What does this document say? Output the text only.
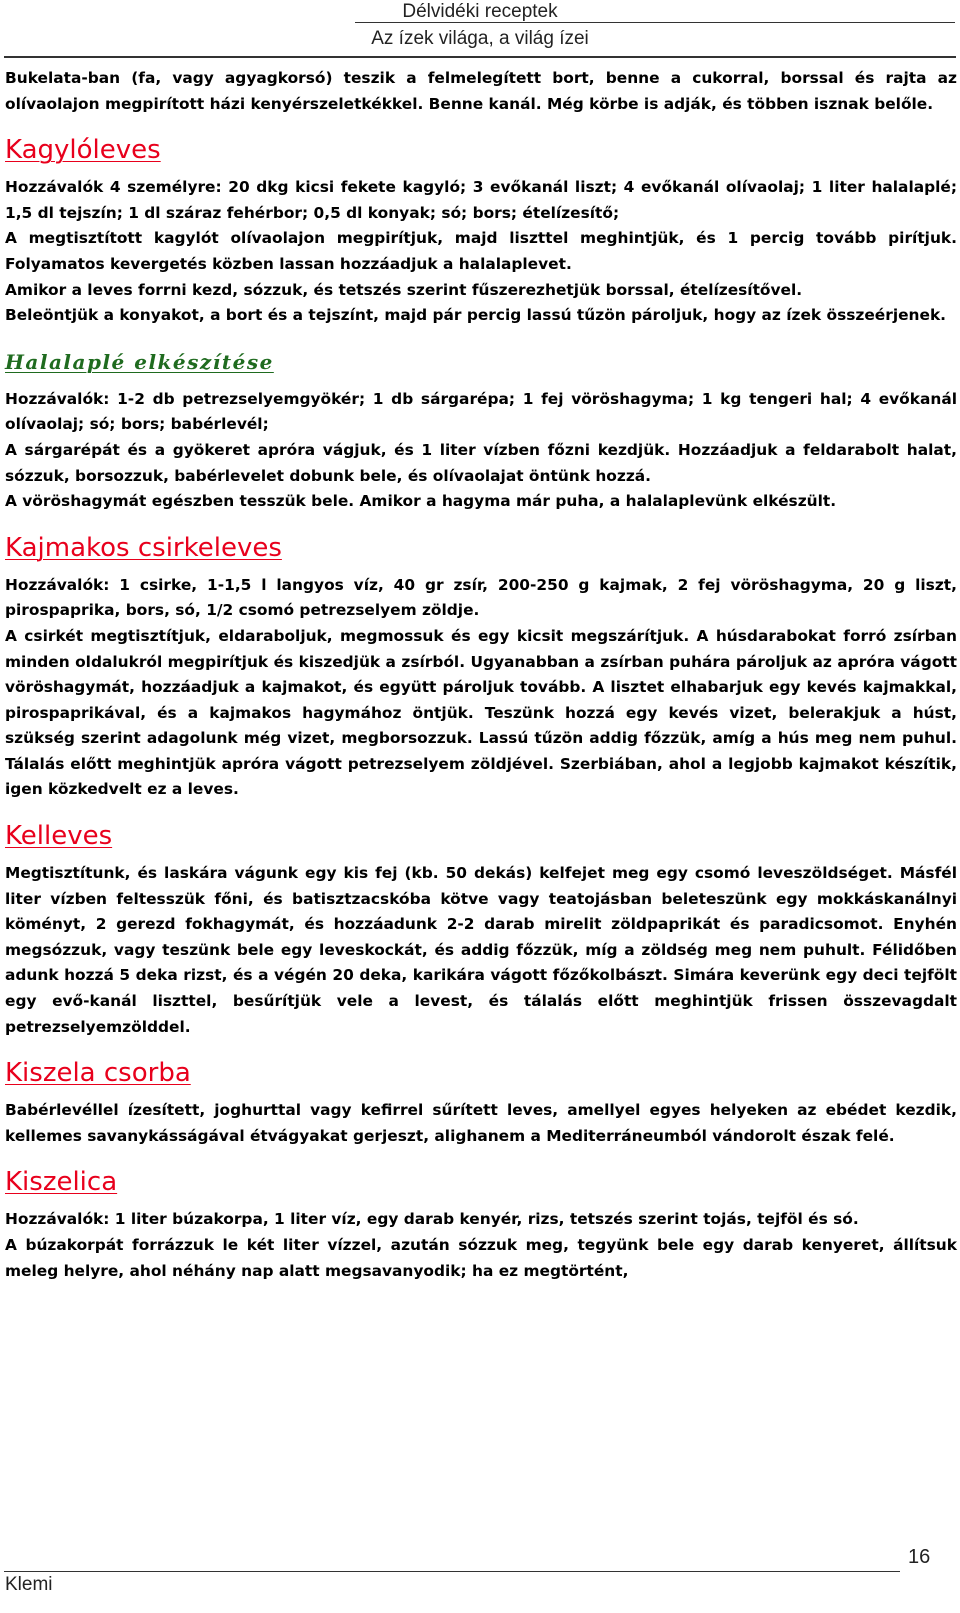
Délvidéki receptek
Az ízek világa, a világ ízei

Bukelata-ban (fa, vagy agyagkorsó) teszik a felmelegített bort, benne a cukorral, borssal és rajta az olívaolajon megpirított házi kenyérszeletkékkel. Benne kanál. Még körbe is adják, és többen isznak belőle.

Kagylóleves

Hozzávalók 4 személyre: 20 dkg kicsi fekete kagyló; 3 evőkanál liszt; 4 evőkanál olívaolaj; 1 liter halalaplé; 1,5 dl tejszín; 1 dl száraz fehérbor; 0,5 dl konyak; só; bors; ételízesítő;

A megtisztított kagylót olívaolajon megpirítjuk, majd liszttel meghintjük, és 1 percig tovább pirítjuk. Folyamatos kevergetés közben lassan hozzáadjuk a halalaplevet.

Amikor a leves forrni kezd, sózzuk, és tetszés szerint fűszerezhetjük borssal, ételízesítővel.

Beleöntjük a konyakot, a bort és a tejszínt, majd pár percig lassú tűzön pároljuk, hogy az ízek összeérjenek.

Halalaplé elkészítése

Hozzávalók: 1-2 db petrezselyemgyökér; 1 db sárgarépa; 1 fej vöröshagyma; 1 kg tengeri hal; 4 evőkanál olívaolaj; só; bors; babérlevél;

A sárgarépát és a gyökeret apróra vágjuk, és 1 liter vízben főzni kezdjük. Hozzáadjuk a feldarabolt halat, sózzuk, borsozzuk, babérlevelet dobunk bele, és olívaolajat öntünk hozzá.

A vöröshagymát egészben tesszük bele. Amikor a hagyma már puha, a halalaplevünk elkészült.

Kajmakos csirkeleves

Hozzávalók: 1 csirke, 1-1,5 l langyos víz, 40 gr zsír, 200-250 g kajmak, 2 fej vöröshagyma, 20 g liszt, pirospaprika, bors, só, 1/2 csomó petrezselyem zöldje.

A csirkét megtisztítjuk, eldaraboljuk, megmossuk és egy kicsit megszárítjuk. A húsdarabokat forró zsírban minden oldalukról megpirítjuk és kiszedjük a zsírból. Ugyanabban a zsírban puhára pároljuk az apróra vágott vöröshagymát, hozzáadjuk a kajmakot, és együtt pároljuk tovább. A lisztet elhabarjuk egy kevés kajmakkal, pirospaprikával, és a kajmakos hagymához öntjük. Teszünk hozzá egy kevés vizet, belerakjuk a húst, szükség szerint adagolunk még vizet, megborsozzuk. Lassú tűzön addig főzzük, amíg a hús meg nem puhul. Tálalás előtt meghintjük apróra vágott petrezselyem zöldjével. Szerbiában, ahol a legjobb kajmakot készítik, igen közkedvelt ez a leves.

Kelleves

Megtisztítunk, és laskára vágunk egy kis fej (kb. 50 dekás) kelfejet meg egy csomó leveszöldséget. Másfél liter vízben feltesszük főni, és batisztzacskóba kötve vagy teatojásban beleteszünk egy mokkáskanálnyi köményt, 2 gerezd fokhagymát, és hozzáadunk 2-2 darab mirelit zöldpaprikát és paradicsomot. Enyhén megsózzuk, vagy teszünk bele egy leveskockát, és addig főzzük, míg a zöldség meg nem puhult. Félidőben adunk hozzá 5 deka rizst, és a végén 20 deka, karikára vágott főzőkolbászt. Simára keverünk egy deci tejfölt egy evő-kanál liszttel, besűrítjük vele a levest, és tálalás előtt meghintjük frissen összevagdalt petrezselyemzölddel.

Kiszela csorba

Babérlevéllel ízesített, joghurttal vagy kefirrel sűrített leves, amellyel egyes helyeken az ebédet kezdik, kellemes savanykásságával étvágyakat gerjeszt, alighanem a Mediterráneumból vándorolt észak felé.

Kiszelica

Hozzávalók: 1 liter búzakorpa, 1 liter víz, egy darab kenyér, rizs, tetszés szerint tojás, tejföl és só.

A búzakorpát forrázzuk le két liter vízzel, azután sózzuk meg, tegyünk bele egy darab kenyeret, állítsuk meleg helyre, ahol néhány nap alatt megsavanyodik; ha ez megtörtént,

Klemi
16
